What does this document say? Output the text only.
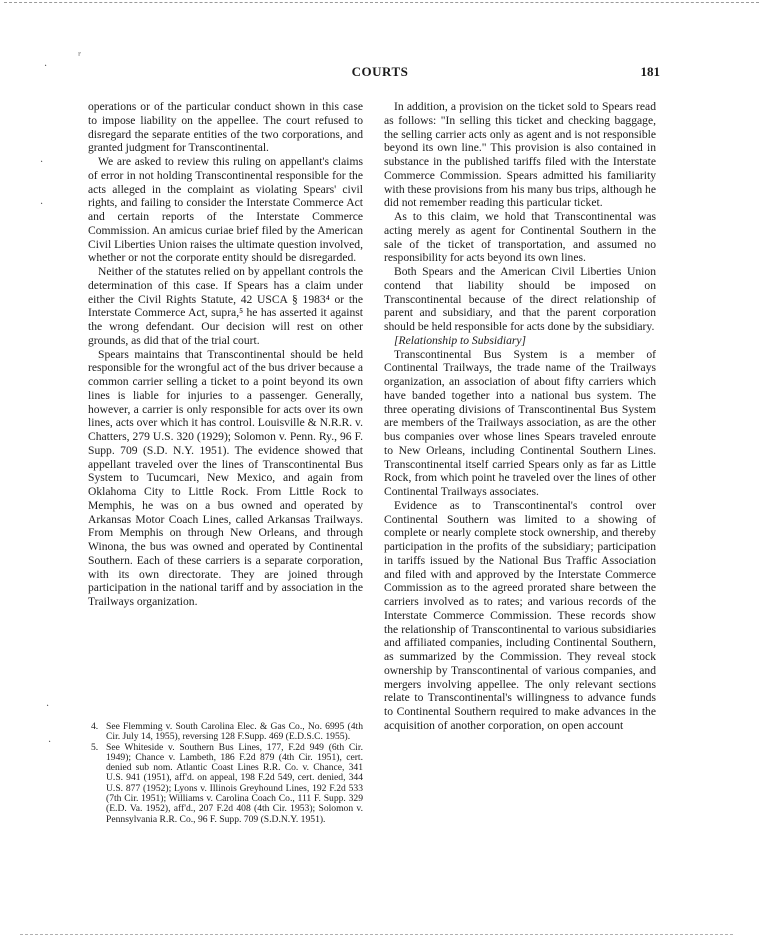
ʳ
·
·
·
·
·
COURTS	181

operations or of the particular conduct shown in this case to impose liability on the appellee. The court refused to disregard the separate entities of the two corporations, and granted judgment for Transcontinental.

We are asked to review this ruling on appellant's claims of error in not holding Transcontinental responsible for the acts alleged in the complaint as violating Spears' civil rights, and failing to consider the Interstate Commerce Act and certain reports of the Interstate Commerce Commission. An amicus curiae brief filed by the American Civil Liberties Union raises the ultimate question involved, whether or not the corporate entity should be disregarded.

Neither of the statutes relied on by appellant controls the determination of this case. If Spears has a claim under either the Civil Rights Statute, 42 USCA § 1983⁴ or the Interstate Commerce Act, supra,⁵ he has asserted it against the wrong defendant. Our decision will rest on other grounds, as did that of the trial court.

Spears maintains that Transcontinental should be held responsible for the wrongful act of the bus driver because a common carrier selling a ticket to a point beyond its own lines is liable for injuries to a passenger. Generally, however, a carrier is only responsible for acts over its own lines, acts over which it has control. Louisville & N.R.R. v. Chatters, 279 U.S. 320 (1929); Solomon v. Penn. Ry., 96 F. Supp. 709 (S.D. N.Y. 1951). The evidence showed that appellant traveled over the lines of Transcontinental Bus System to Tucumcari, New Mexico, and again from Oklahoma City to Little Rock. From Little Rock to Memphis, he was on a bus owned and operated by Arkansas Motor Coach Lines, called Arkansas Trailways. From Memphis on through New Orleans, and through Winona, the bus was owned and operated by Continental Southern. Each of these carriers is a separate corporation, with its own directorate. They are joined through participation in the national tariff and by association in the Trailways organization.

4. See Flemming v. South Carolina Elec. & Gas Co., No. 6995 (4th Cir. July 14, 1955), reversing 128 F.Supp. 469 (E.D.S.C. 1955).
5. See Whiteside v. Southern Bus Lines, 177, F.2d 949 (6th Cir. 1949); Chance v. Lambeth, 186 F.2d 879 (4th Cir. 1951), cert. denied sub nom. Atlantic Coast Lines R.R. Co. v. Chance, 341 U.S. 941 (1951), aff'd. on appeal, 198 F.2d 549, cert. denied, 344 U.S. 877 (1952); Lyons v. Illinois Greyhound Lines, 192 F.2d 533 (7th Cir. 1951); Williams v. Carolina Coach Co., 111 F. Supp. 329 (E.D. Va. 1952), aff'd., 207 F.2d 408 (4th Cir. 1953); Solomon v. Pennsylvania R.R. Co., 96 F. Supp. 709 (S.D.N.Y. 1951).

In addition, a provision on the ticket sold to Spears read as follows: "In selling this ticket and checking baggage, the selling carrier acts only as agent and is not responsible beyond its own line." This provision is also contained in substance in the published tariffs filed with the Interstate Commerce Commission. Spears admitted his familiarity with these provisions from his many bus trips, although he did not remember reading this particular ticket.

As to this claim, we hold that Transcontinental was acting merely as agent for Continental Southern in the sale of the ticket of transportation, and assumed no responsibility for acts beyond its own lines.

Both Spears and the American Civil Liberties Union contend that liability should be imposed on Transcontinental because of the direct relationship of parent and subsidiary, and that the parent corporation should be held responsible for acts done by the subsidiary.

[Relationship to Subsidiary]

Transcontinental Bus System is a member of Continental Trailways, the trade name of the Trailways organization, an association of about fifty carriers which have banded together into a national bus system. The three operating divisions of Transcontinental Bus System are members of the Trailways association, as are the other bus companies over whose lines Spears traveled enroute to New Orleans, including Continental Southern Lines. Transcontinental itself carried Spears only as far as Little Rock, from which point he traveled over the lines of other Continental Trailways associates.

Evidence as to Transcontinental's control over Continental Southern was limited to a showing of complete or nearly complete stock ownership, and thereby participation in the profits of the subsidiary; participation in tariffs issued by the National Bus Traffic Association and filed with and approved by the Interstate Commerce Commission as to the agreed prorated share between the carriers involved as to rates; and various records of the Interstate Commerce Commission. These records show the relationship of Transcontinental to various subsidiaries and affiliated companies, including Continental Southern, as summarized by the Commission. They reveal stock ownership by Transcontinental of various companies, and mergers involving appellee. The only relevant sections relate to Transcontinental's willingness to advance funds to Continental Southern required to make advances in the acquisition of another corporation, on open account
